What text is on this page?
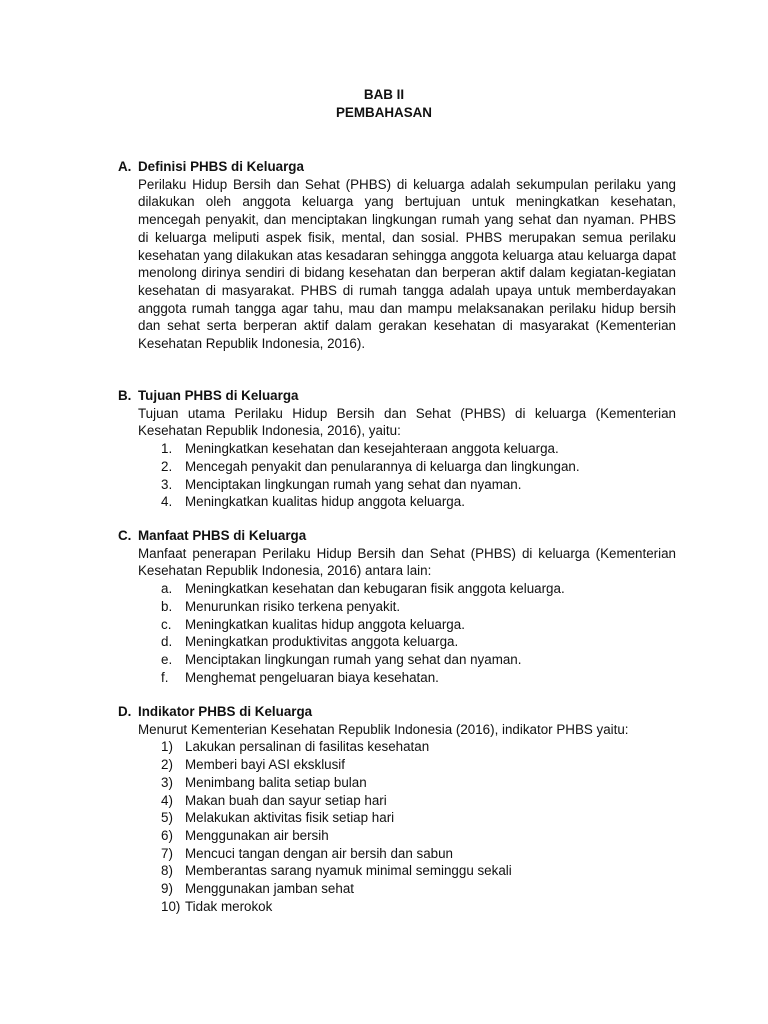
BAB II
PEMBAHASAN
A. Definisi PHBS di Keluarga
Perilaku Hidup Bersih dan Sehat (PHBS) di keluarga adalah sekumpulan perilaku yang dilakukan oleh anggota keluarga yang bertujuan untuk meningkatkan kesehatan, mencegah penyakit, dan menciptakan lingkungan rumah yang sehat dan nyaman. PHBS di keluarga meliputi aspek fisik, mental, dan sosial. PHBS merupakan semua perilaku kesehatan yang dilakukan atas kesadaran sehingga anggota keluarga atau keluarga dapat menolong dirinya sendiri di bidang kesehatan dan berperan aktif dalam kegiatan-kegiatan kesehatan di masyarakat. PHBS di rumah tangga adalah upaya untuk memberdayakan anggota rumah tangga agar tahu, mau dan mampu melaksanakan perilaku hidup bersih dan sehat serta berperan aktif dalam gerakan kesehatan di masyarakat (Kementerian Kesehatan Republik Indonesia, 2016).
B. Tujuan PHBS di Keluarga
Tujuan utama Perilaku Hidup Bersih dan Sehat (PHBS) di keluarga (Kementerian Kesehatan Republik Indonesia, 2016), yaitu:
1. Meningkatkan kesehatan dan kesejahteraan anggota keluarga.
2. Mencegah penyakit dan penularannya di keluarga dan lingkungan.
3. Menciptakan lingkungan rumah yang sehat dan nyaman.
4. Meningkatkan kualitas hidup anggota keluarga.
C. Manfaat PHBS di Keluarga
Manfaat penerapan Perilaku Hidup Bersih dan Sehat (PHBS) di keluarga (Kementerian Kesehatan Republik Indonesia, 2016) antara lain:
a. Meningkatkan kesehatan dan kebugaran fisik anggota keluarga.
b. Menurunkan risiko terkena penyakit.
c. Meningkatkan kualitas hidup anggota keluarga.
d. Meningkatkan produktivitas anggota keluarga.
e. Menciptakan lingkungan rumah yang sehat dan nyaman.
f. Menghemat pengeluaran biaya kesehatan.
D. Indikator PHBS di Keluarga
Menurut Kementerian Kesehatan Republik Indonesia (2016), indikator PHBS yaitu:
1) Lakukan persalinan di fasilitas kesehatan
2) Memberi bayi ASI eksklusif
3) Menimbang balita setiap bulan
4) Makan buah dan sayur setiap hari
5) Melakukan aktivitas fisik setiap hari
6) Menggunakan air bersih
7) Mencuci tangan dengan air bersih dan sabun
8) Memberantas sarang nyamuk minimal seminggu sekali
9) Menggunakan jamban sehat
10) Tidak merokok
